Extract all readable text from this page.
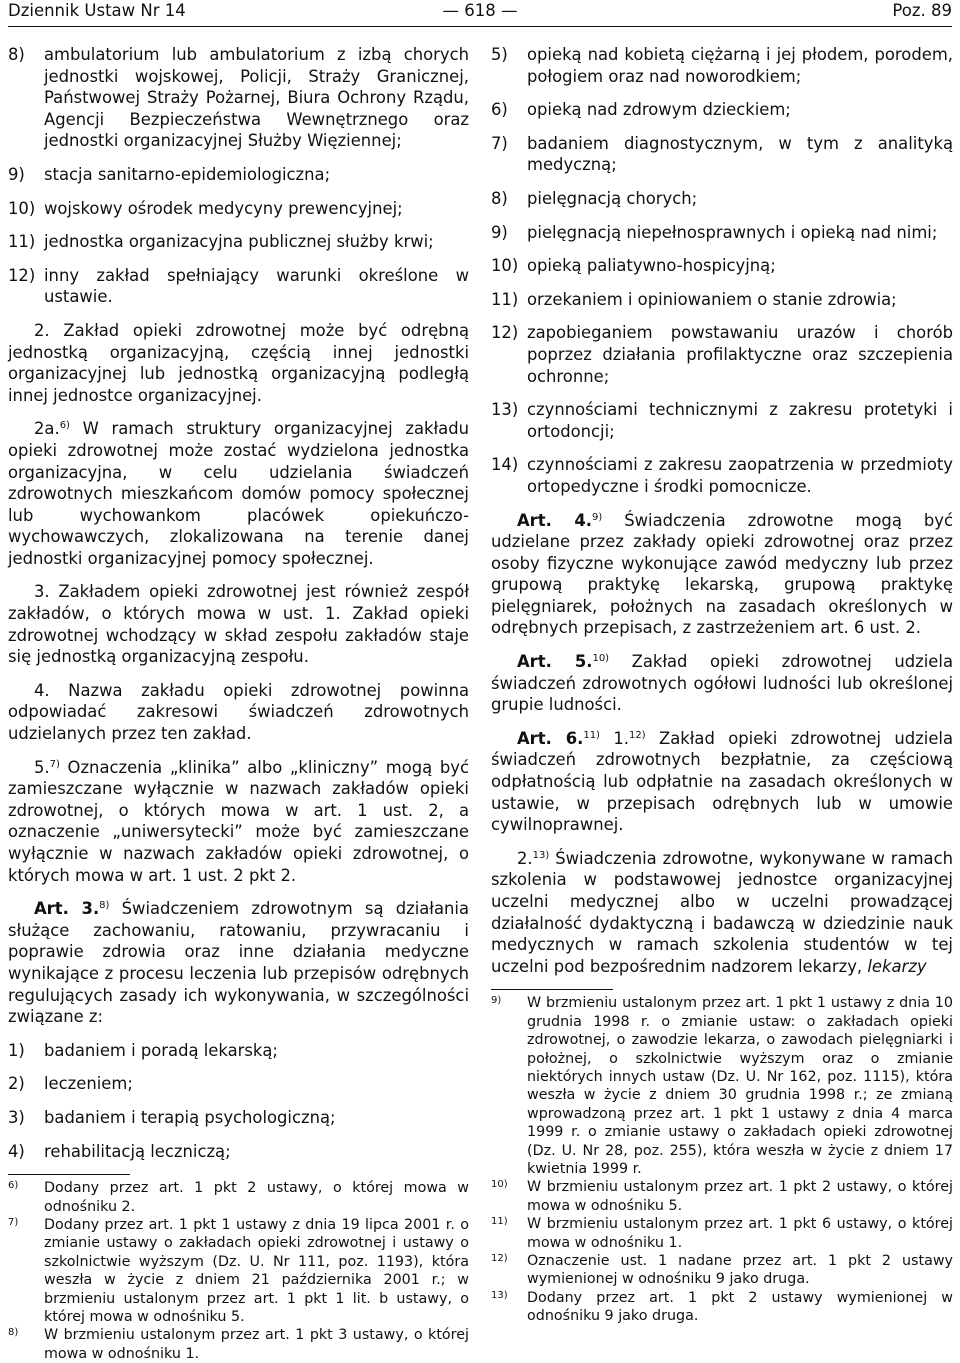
Dziennik Ustaw Nr 14	— 618 —	Poz. 89
8) ambulatorium lub ambulatorium z izbą chorych jednostki wojskowej, Policji, Straży Granicznej, Państwowej Straży Pożarnej, Biura Ochrony Rządu, Agencji Bezpieczeństwa Wewnętrznego oraz jednostki organizacyjnej Służby Więziennej;
9) stacja sanitarno-epidemiologiczna;
10) wojskowy ośrodek medycyny prewencyjnej;
11) jednostka organizacyjna publicznej służby krwi;
12) inny zakład spełniający warunki określone w ustawie.

2. Zakład opieki zdrowotnej może być odrębną jednostką organizacyjną, częścią innej jednostki organizacyjnej lub jednostką organizacyjną podległą innej jednostce organizacyjnej.

2a.$^{6)}$ W ramach struktury organizacyjnej zakładu opieki zdrowotnej może zostać wydzielona jednostka organizacyjna, w celu udzielania świadczeń zdrowotnych mieszkańcom domów pomocy społecznej lub wychowankom placówek opiekuńczo-wychowawczych, zlokalizowana na terenie danej jednostki organizacyjnej pomocy społecznej.

3. Zakładem opieki zdrowotnej jest również zespół zakładów, o których mowa w ust. 1. Zakład opieki zdrowotnej wchodzący w skład zespołu zakładów staje się jednostką organizacyjną zespołu.

4. Nazwa zakładu opieki zdrowotnej powinna odpowiadać zakresowi świadczeń zdrowotnych udzielanych przez ten zakład.

5.$^{7)}$ Oznaczenia „klinika” albo „kliniczny” mogą być zamieszczane wyłącznie w nazwach zakładów opieki zdrowotnej, o których mowa w art. 1 ust. 2, a oznaczenie „uniwersytecki” może być zamieszczane wyłącznie w nazwach zakładów opieki zdrowotnej, o których mowa w art. 1 ust. 2 pkt 2.

Art. 3.$^{8)}$ Świadczeniem zdrowotnym są działania służące zachowaniu, ratowaniu, przywracaniu i poprawie zdrowia oraz inne działania medyczne wynikające z procesu leczenia lub przepisów odrębnych regulujących zasady ich wykonywania, w szczególności związane z:

1) badaniem i poradą lekarską;
2) leczeniem;
3) badaniem i terapią psychologiczną;
4) rehabilitacją leczniczą;

6) Dodany przez art. 1 pkt 2 ustawy, o której mowa w odnośniku 2.

7) Dodany przez art. 1 pkt 1 ustawy z dnia 19 lipca 2001 r. o zmianie ustawy o zakładach opieki zdrowotnej i ustawy o szkolnictwie wyższym (Dz. U. Nr 111, poz. 1193), która weszła w życie z dniem 21 października 2001 r.; w brzmieniu ustalonym przez art. 1 pkt 1 lit. b ustawy, o której mowa w odnośniku 5.

8) W brzmieniu ustalonym przez art. 1 pkt 3 ustawy, o której mowa w odnośniku 1.

5) opieką nad kobietą ciężarną i jej płodem, porodem, połogiem oraz nad noworodkiem;
6) opieką nad zdrowym dzieckiem;
7) badaniem diagnostycznym, w tym z analityką medyczną;
8) pielęgnacją chorych;
9) pielęgnacją niepełnosprawnych i opieką nad nimi;
10) opieką paliatywno-hospicyjną;
11) orzekaniem i opiniowaniem o stanie zdrowia;
12) zapobieganiem powstawaniu urazów i chorób poprzez działania profilaktyczne oraz szczepienia ochronne;
13) czynnościami technicznymi z zakresu protetyki i ortodoncji;
14) czynnościami z zakresu zaopatrzenia w przedmioty ortopedyczne i środki pomocnicze.

Art. 4.$^{9)}$ Świadczenia zdrowotne mogą być udzielane przez zakłady opieki zdrowotnej oraz przez osoby fizyczne wykonujące zawód medyczny lub przez grupową praktykę lekarską, grupową praktykę pielęgniarek, położnych na zasadach określonych w odrębnych przepisach, z zastrzeżeniem art. 6 ust. 2.

Art. 5.$^{10)}$ Zakład opieki zdrowotnej udziela świadczeń zdrowotnych ogółowi ludności lub określonej grupie ludności.

Art. 6.$^{11)}$ 1.$^{12)}$ Zakład opieki zdrowotnej udziela świadczeń zdrowotnych bezpłatnie, za częściową odpłatnością lub odpłatnie na zasadach określonych w ustawie, w przepisach odrębnych lub w umowie cywilnoprawnej.

2.$^{13)}$ Świadczenia zdrowotne, wykonywane w ramach szkolenia w podstawowej jednostce organizacyjnej uczelni medycznej albo w uczelni prowadzącej działalność dydaktyczną i badawczą w dziedzinie nauk medycznych w ramach szkolenia studentów w tej uczelni pod bezpośrednim nadzorem lekarzy, lekarzy

9) W brzmieniu ustalonym przez art. 1 pkt 1 ustawy z dnia 10 grudnia 1998 r. o zmianie ustaw: o zakładach opieki zdrowotnej, o zawodzie lekarza, o zawodach pielęgniarki i położnej, o szkolnictwie wyższym oraz o zmianie niektórych innych ustaw (Dz. U. Nr 162, poz. 1115), która weszła w życie z dniem 30 grudnia 1998 r.; ze zmianą wprowadzoną przez art. 1 pkt 1 ustawy z dnia 4 marca 1999 r. o zmianie ustawy o zakładach opieki zdrowotnej (Dz. U. Nr 28, poz. 255), która weszła w życie z dniem 17 kwietnia 1999 r.

10) W brzmieniu ustalonym przez art. 1 pkt 2 ustawy, o której mowa w odnośniku 5.

11) W brzmieniu ustalonym przez art. 1 pkt 6 ustawy, o której mowa w odnośniku 1.

12) Oznaczenie ust. 1 nadane przez art. 1 pkt 2 ustawy wymienionej w odnośniku 9 jako druga.

13) Dodany przez art. 1 pkt 2 ustawy wymienionej w odnośniku 9 jako druga.
